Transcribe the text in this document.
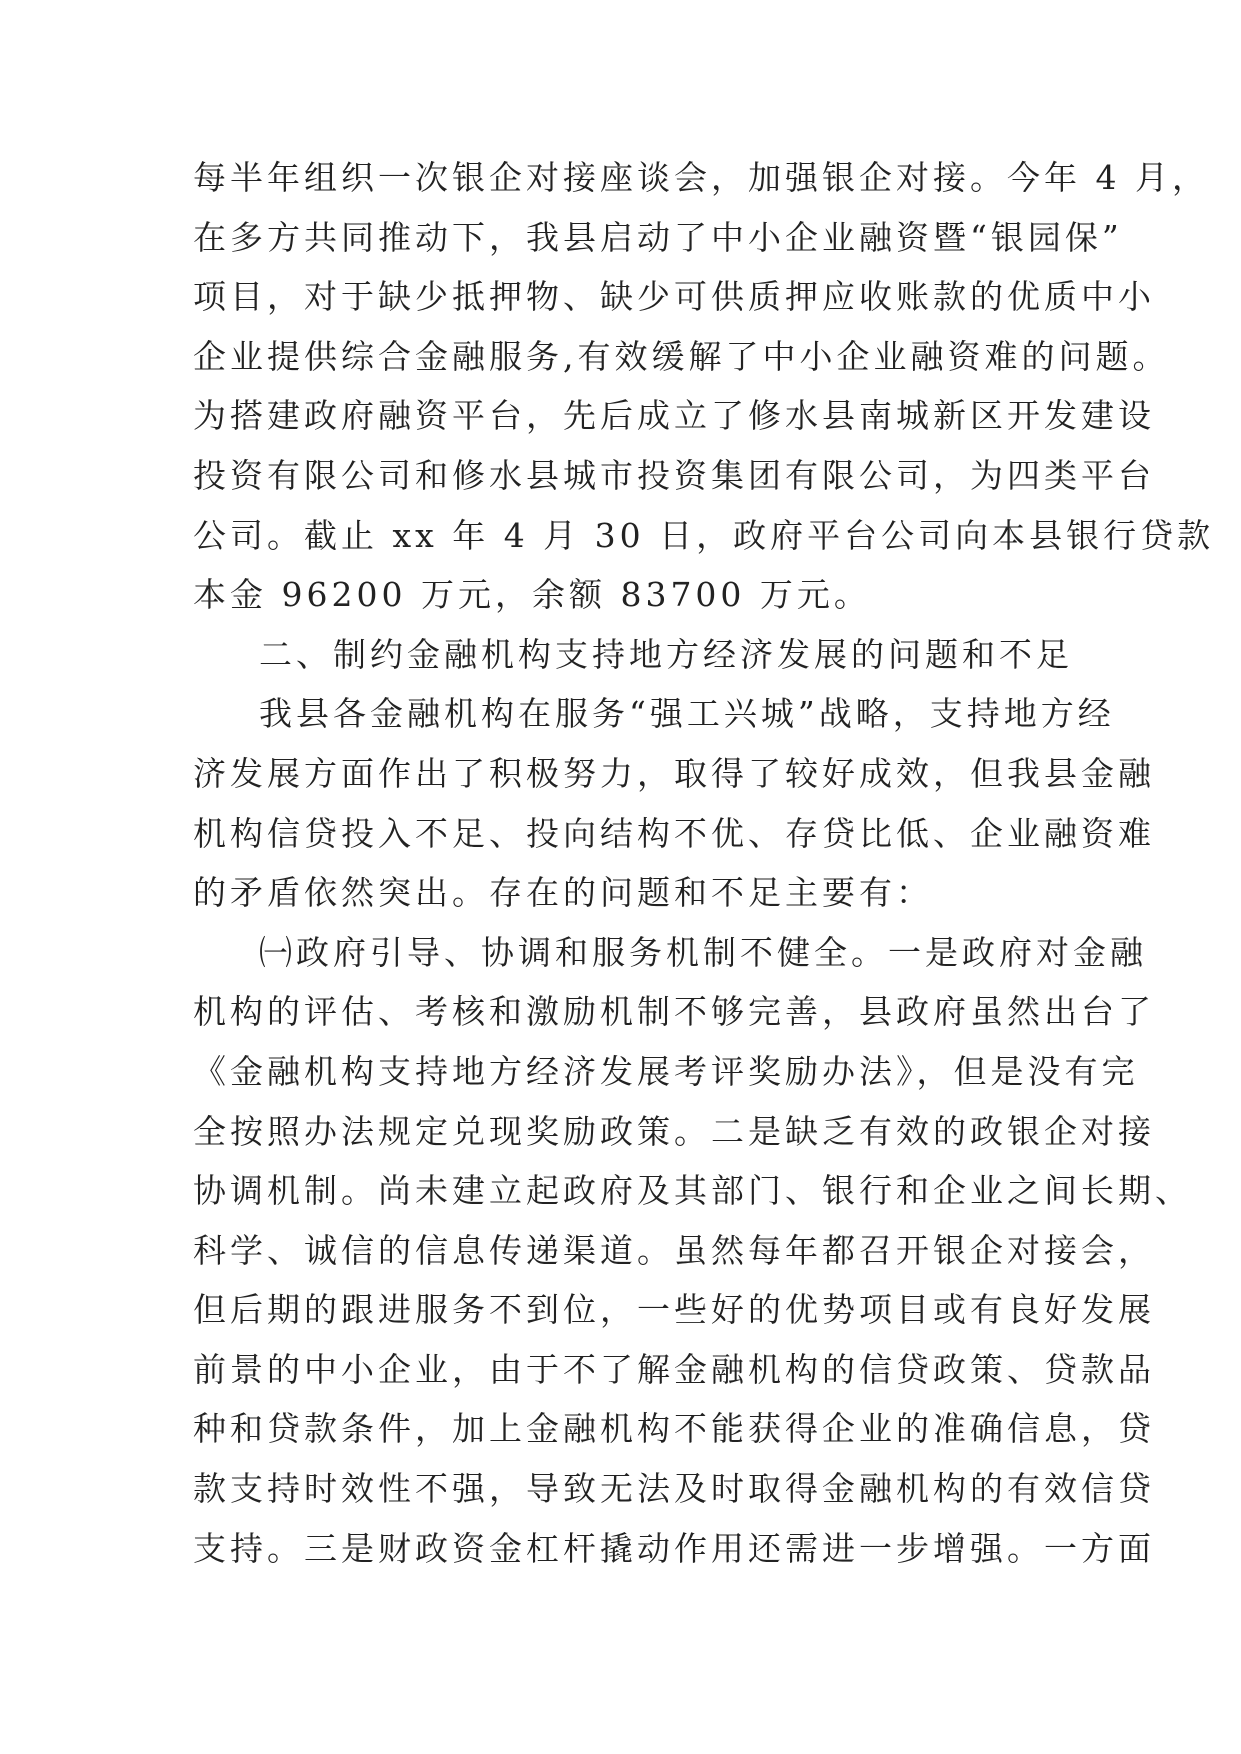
每半年组织一次银企对接座谈会，加强银企对接。今年 4 月，

在多方共同推动下，我县启动了中小企业融资暨“银园保”

项目，对于缺少抵押物、缺少可供质押应收账款的优质中小

企业提供综合金融服务,有效缓解了中小企业融资难的问题。

为搭建政府融资平台，先后成立了修水县南城新区开发建设

投资有限公司和修水县城市投资集团有限公司，为四类平台

公司。截止 xx 年 4 月 30 日，政府平台公司向本县银行贷款

本金 96200 万元，余额 83700 万元。

二、制约金融机构支持地方经济发展的问题和不足

我县各金融机构在服务“强工兴城”战略，支持地方经

济发展方面作出了积极努力，取得了较好成效，但我县金融

机构信贷投入不足、投向结构不优、存贷比低、企业融资难

的矛盾依然突出。存在的问题和不足主要有：

㈠政府引导、协调和服务机制不健全。一是政府对金融

机构的评估、考核和激励机制不够完善，县政府虽然出台了

《金融机构支持地方经济发展考评奖励办法》，但是没有完

全按照办法规定兑现奖励政策。二是缺乏有效的政银企对接

协调机制。尚未建立起政府及其部门、银行和企业之间长期、

科学、诚信的信息传递渠道。虽然每年都召开银企对接会，

但后期的跟进服务不到位，一些好的优势项目或有良好发展

前景的中小企业，由于不了解金融机构的信贷政策、贷款品

种和贷款条件，加上金融机构不能获得企业的准确信息，贷

款支持时效性不强，导致无法及时取得金融机构的有效信贷

支持。三是财政资金杠杆撬动作用还需进一步增强。一方面
